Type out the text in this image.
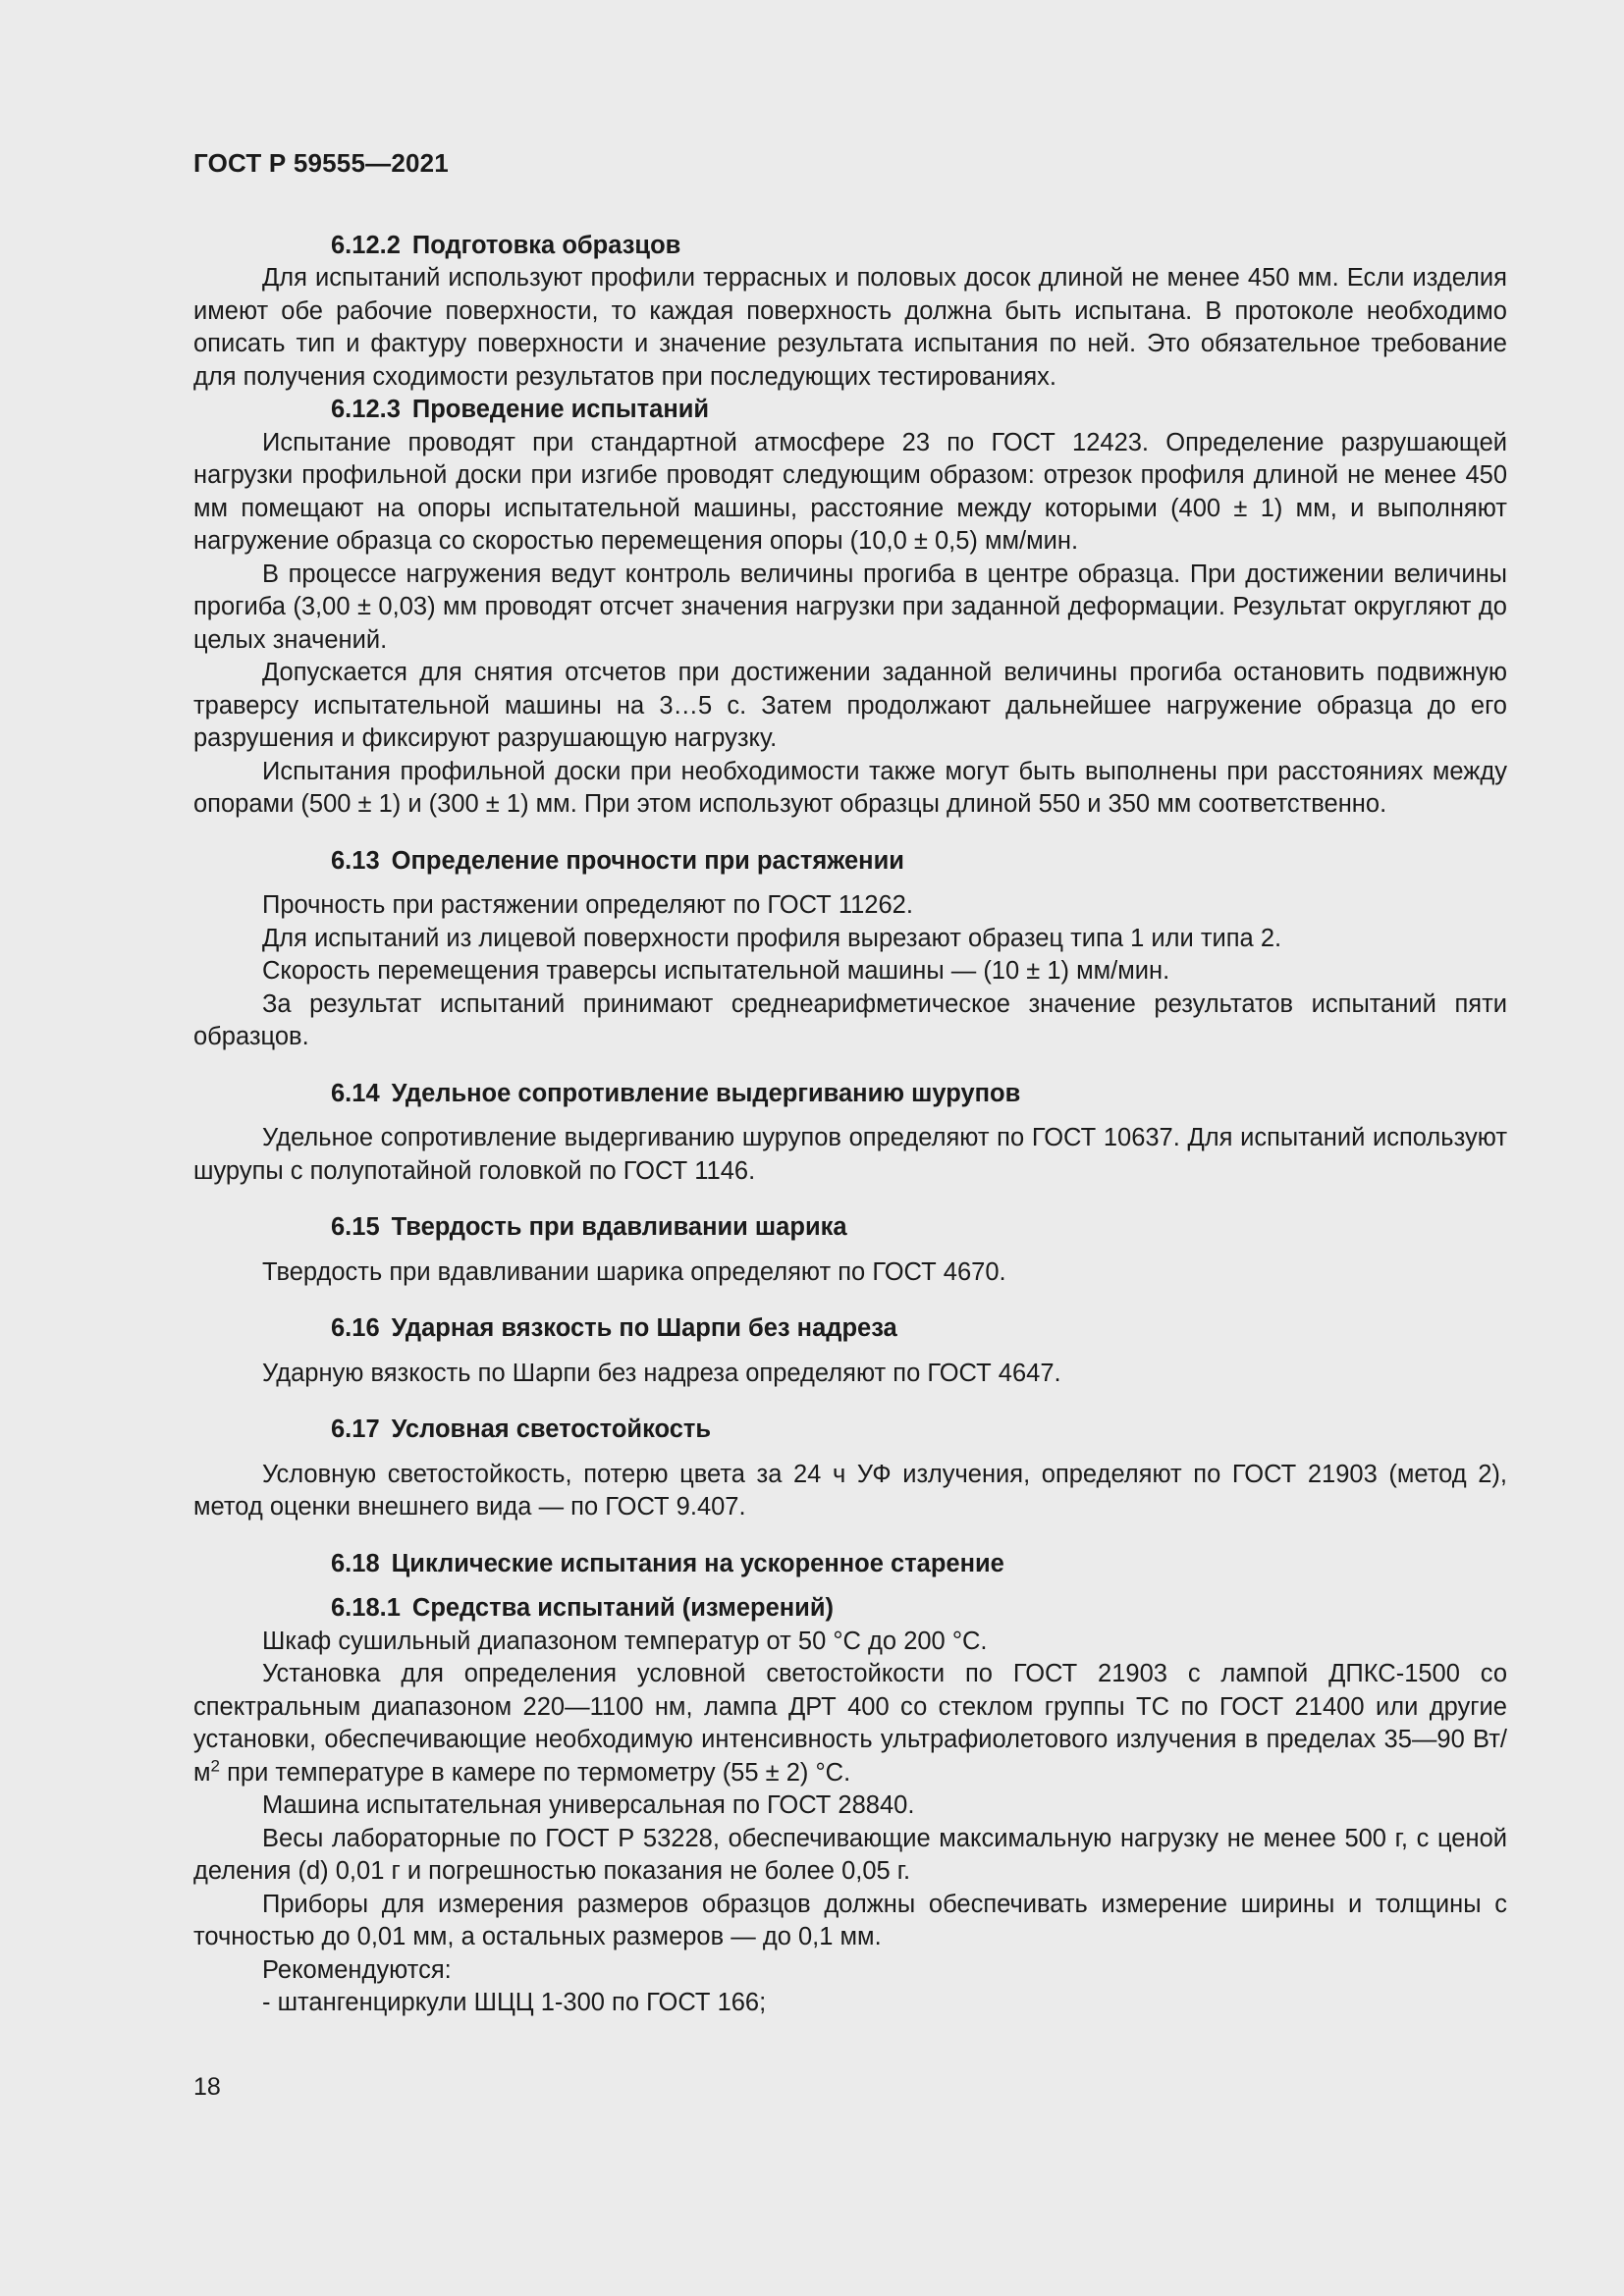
ГОСТ Р 59555—2021
6.12.2 Подготовка образцов

Для испытаний используют профили террасных и половых досок длиной не менее 450 мм. Если изделия имеют обе рабочие поверхности, то каждая поверхность должна быть испытана. В протоколе необходимо описать тип и фактуру поверхности и значение результата испытания по ней. Это обязательное требование для получения сходимости результатов при последующих тестированиях.

6.12.3 Проведение испытаний

Испытание проводят при стандартной атмосфере 23 по ГОСТ 12423. Определение разрушающей нагрузки профильной доски при изгибе проводят следующим образом: отрезок профиля длиной не менее 450 мм помещают на опоры испытательной машины, расстояние между которыми (400 ± 1) мм, и выполняют нагружение образца со скоростью перемещения опоры (10,0 ± 0,5) мм/мин.

В процессе нагружения ведут контроль величины прогиба в центре образца. При достижении величины прогиба (3,00 ± 0,03) мм проводят отсчет значения нагрузки при заданной деформации. Результат округляют до целых значений.

Допускается для снятия отсчетов при достижении заданной величины прогиба остановить подвижную траверсу испытательной машины на 3…5 с. Затем продолжают дальнейшее нагружение образца до его разрушения и фиксируют разрушающую нагрузку.

Испытания профильной доски при необходимости также могут быть выполнены при расстояниях между опорами (500 ± 1) и (300 ± 1) мм. При этом используют образцы длиной 550 и 350 мм соответственно.

6.13 Определение прочности при растяжении

Прочность при растяжении определяют по ГОСТ 11262.

Для испытаний из лицевой поверхности профиля вырезают образец типа 1 или типа 2.

Скорость перемещения траверсы испытательной машины — (10 ± 1) мм/мин.

За результат испытаний принимают среднеарифметическое значение результатов испытаний пяти образцов.

6.14 Удельное сопротивление выдергиванию шурупов

Удельное сопротивление выдергиванию шурупов определяют по ГОСТ 10637. Для испытаний используют шурупы с полупотайной головкой по ГОСТ 1146.

6.15 Твердость при вдавливании шарика

Твердость при вдавливании шарика определяют по ГОСТ 4670.

6.16 Ударная вязкость по Шарпи без надреза

Ударную вязкость по Шарпи без надреза определяют по ГОСТ 4647.

6.17 Условная светостойкость

Условную светостойкость, потерю цвета за 24 ч УФ излучения, определяют по ГОСТ 21903 (метод 2), метод оценки внешнего вида — по ГОСТ 9.407.

6.18 Циклические испытания на ускоренное старение
6.18.1 Средства испытаний (измерений)

Шкаф сушильный диапазоном температур от 50 °С до 200 °С.

Установка для определения условной светостойкости по ГОСТ 21903 с лампой ДПКС-1500 со спектральным диапазоном 220—1100 нм, лампа ДРТ 400 со стеклом группы ТС по ГОСТ 21400 или другие установки, обеспечивающие необходимую интенсивность ультрафиолетового излучения в пределах 35—90 $Вт/м^2$ при температуре в камере по термометру (55 ± 2) °С.

Машина испытательная универсальная по ГОСТ 28840.

Весы лабораторные по ГОСТ Р 53228, обеспечивающие максимальную нагрузку не менее 500 г, с ценой деления (d) 0,01 г и погрешностью показания не более 0,05 г.

Приборы для измерения размеров образцов должны обеспечивать измерение ширины и толщины с точностью до 0,01 мм, а остальных размеров — до 0,1 мм.

Рекомендуются:

- штангенциркули ШЦЦ 1-300 по ГОСТ 166;

18
